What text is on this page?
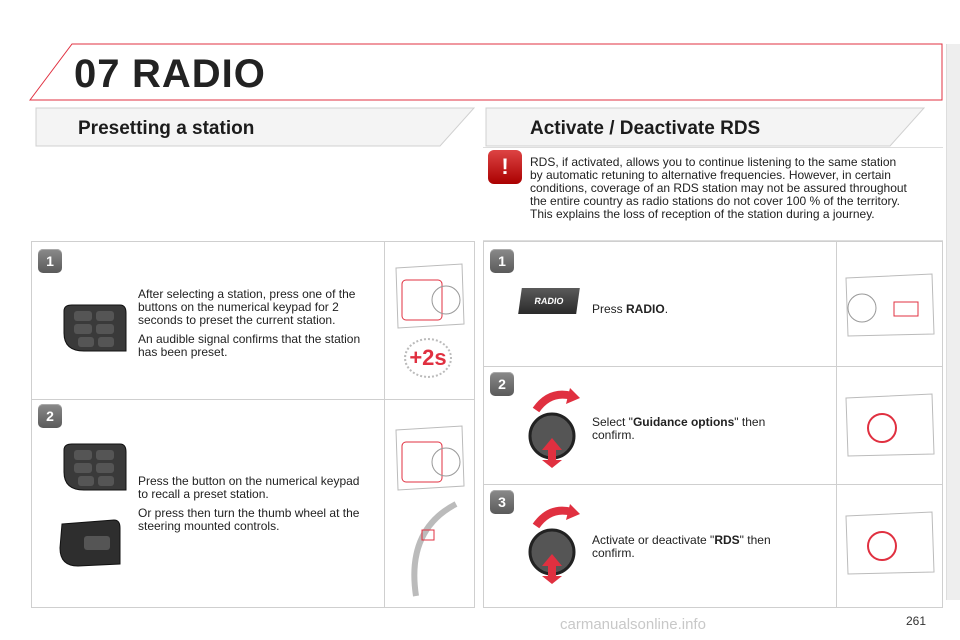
07 RADIO
Presetting a station	Activate / Deactivate RDS
1

After selecting a station, press one of the buttons on the numerical keypad for 2 seconds to preset the current station.

An audible signal confirms that the station has been preset.

2

Press the button on the numerical keypad to recall a preset station.

Or press then turn the thumb wheel at the steering mounted controls.

+2s
!	RDS, if activated, allows you to continue listening to the same station by automatic retuning to alternative frequencies. However, in certain conditions, coverage of an RDS station may not be assured throughout the entire country as radio stations do not cover 100 % of the territory. This explains the loss of reception of the station during a journey.
1
RADIO
Press RADIO.
2
Select "Guidance options" then confirm.
3
Activate or deactivate "RDS" then confirm.
carmanualsonline.info	261
